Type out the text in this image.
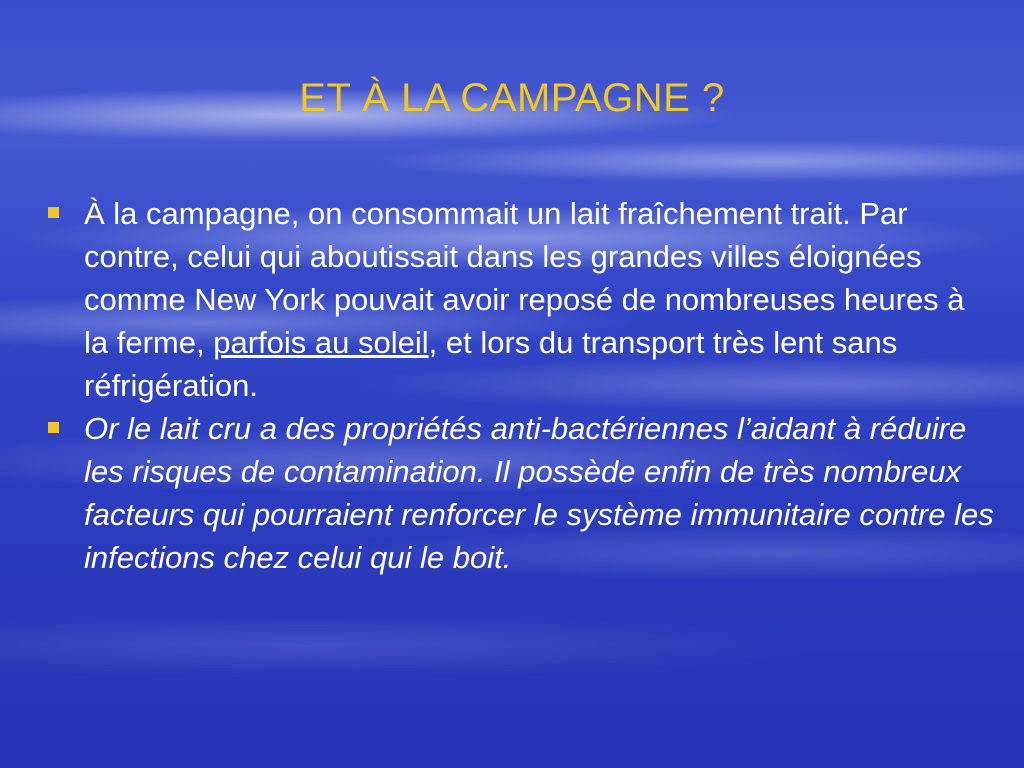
ET À LA CAMPAGNE ?
À la campagne, on consommait un lait fraîchement trait. Par contre, celui qui aboutissait dans les grandes villes éloignées comme New York pouvait avoir reposé de nombreuses heures à la ferme, parfois au soleil, et lors du transport très lent sans réfrigération.
Or le lait cru a des propriétés anti-bactériennes l’aidant à réduire les risques de contamination. Il possède enfin de très nombreux facteurs qui pourraient renforcer le système immunitaire contre les infections chez celui qui le boit.
